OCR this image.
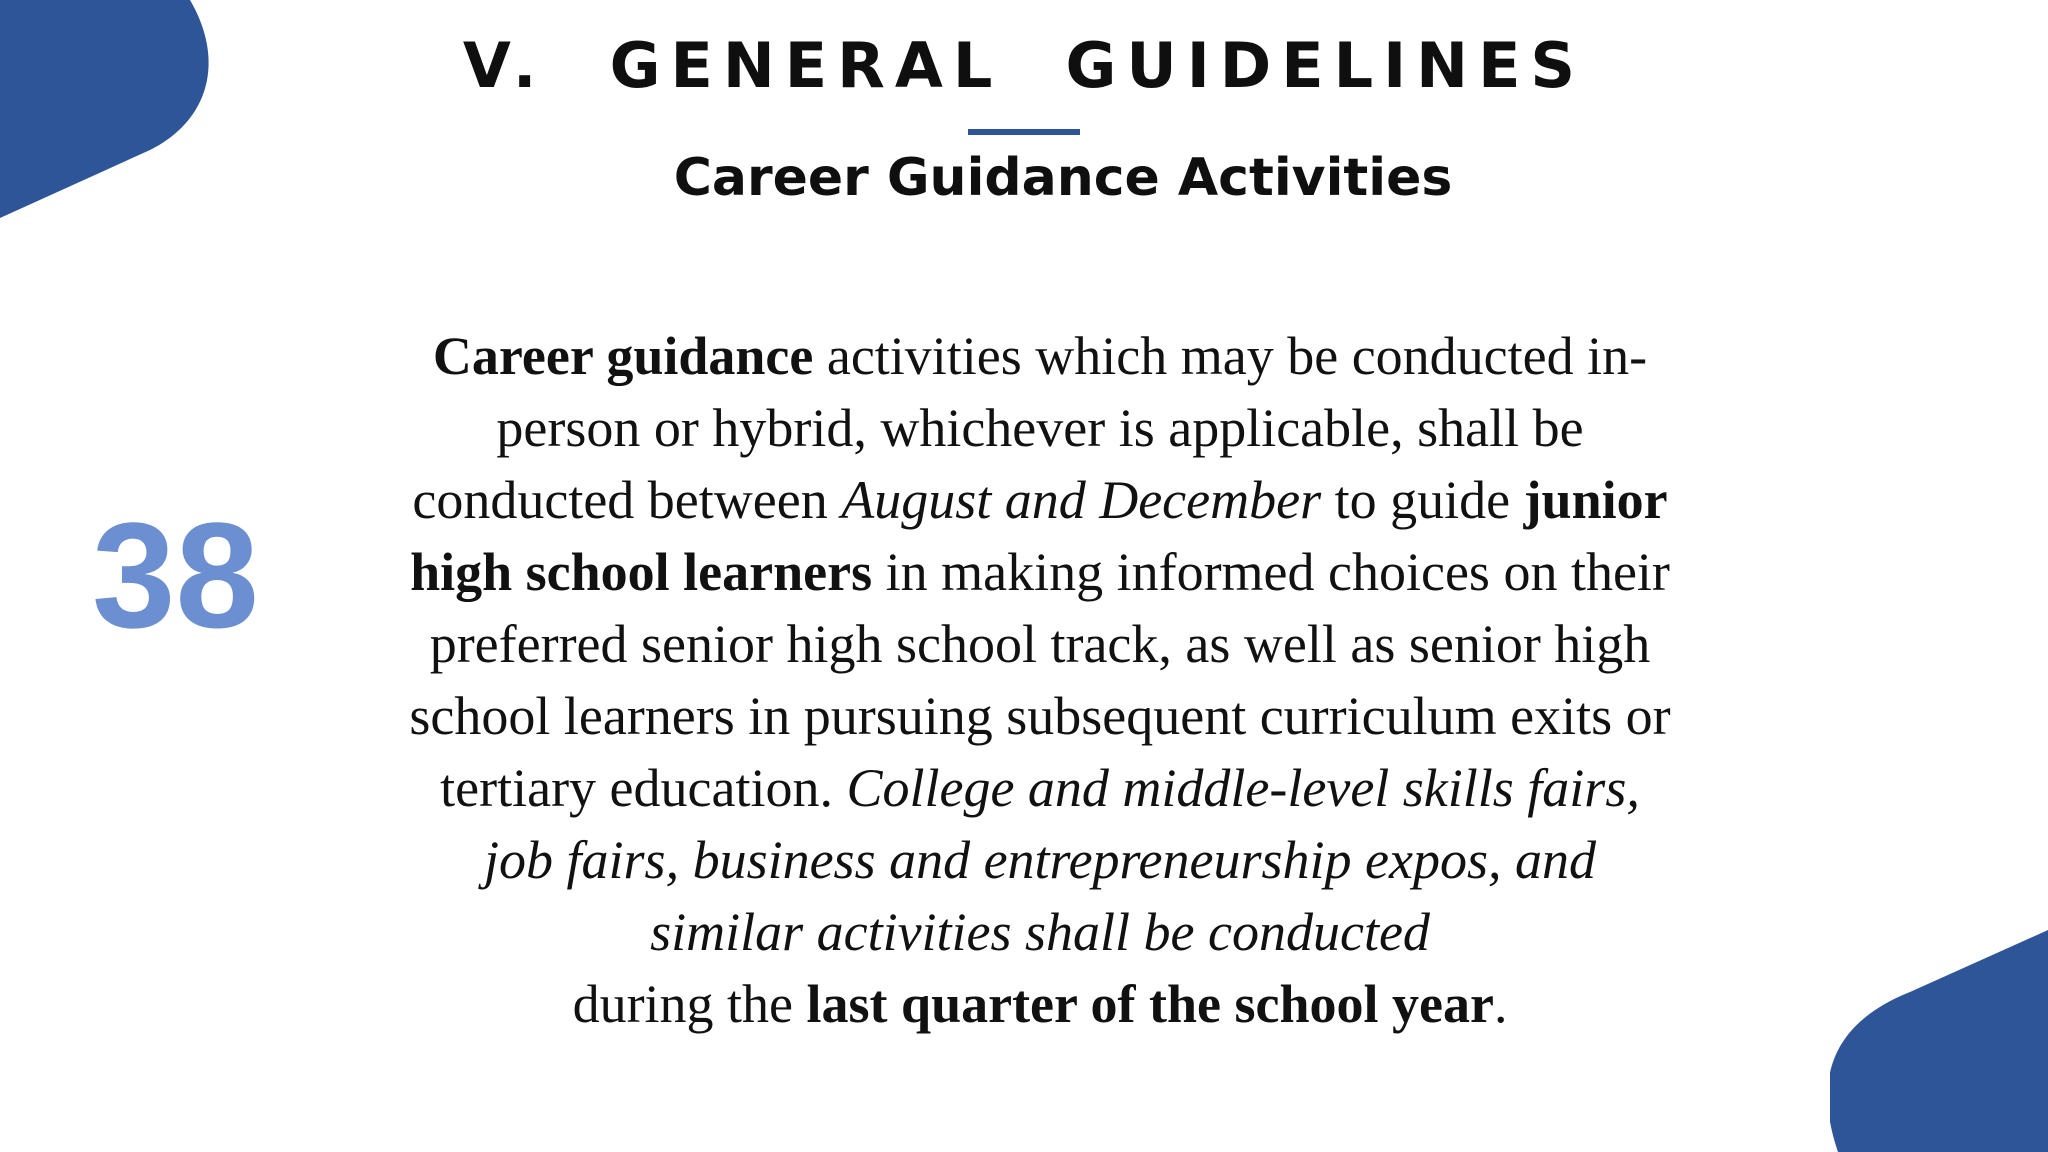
V.  GENERAL  GUIDELINES
Career Guidance Activities
38
Career guidance activities which may be conducted in-
person or hybrid, whichever is applicable, shall be
conducted between August and December to guide junior
high school learners in making informed choices on their
preferred senior high school track, as well as senior high
school learners in pursuing subsequent curriculum exits or
tertiary education. College and middle-level skills fairs,
job fairs, business and entrepreneurship expos, and
similar activities shall be conducted
during the last quarter of the school year.
